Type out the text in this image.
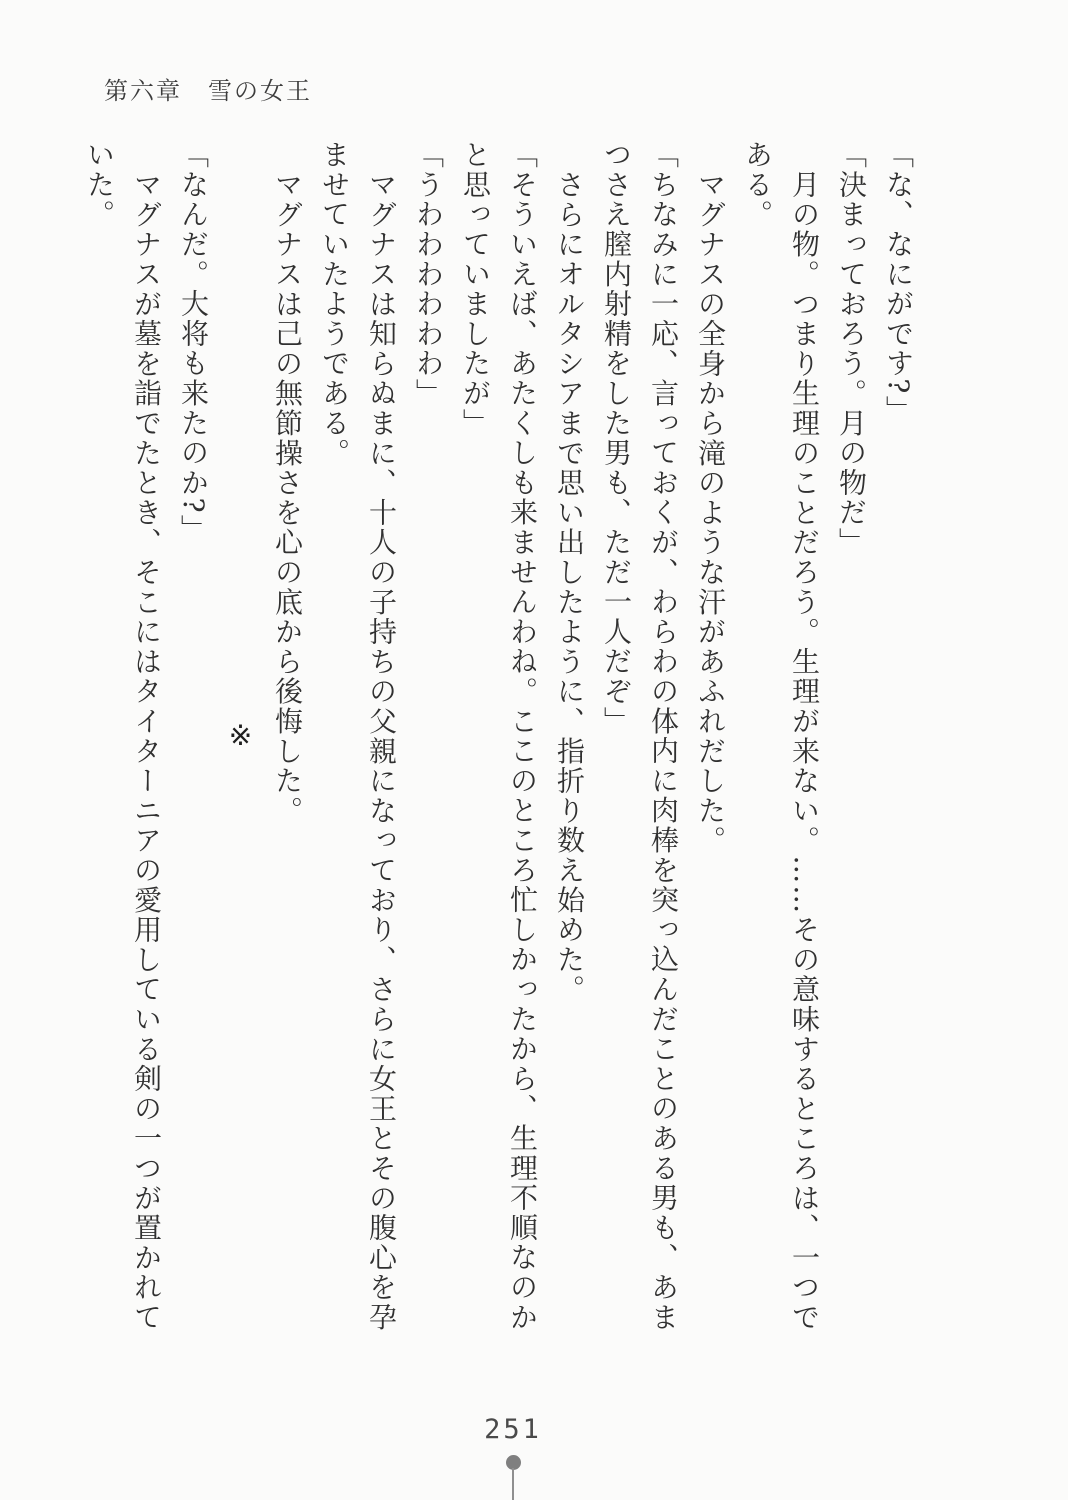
第六章 雪の女王

「な、なにがです?」

「決まっておろう。月の物だ」

月の物。つまり生理のことだろう。生理が来ない。……その意味するところは、一つで

ある。

マグナスの全身から滝のような汗があふれだした。

「ちなみに一応、言っておくが、わらわの体内に肉棒を突っ込んだことのある男も、あま

つさえ膣内射精をした男も、ただ一人だぞ」

さらにオルタシアまで思い出したように、指折り数え始めた。

「そういえば、あたくしも来ませんわね。ここのところ忙しかったから、生理不順なのか

と思っていましたが」

「うわわわわわわ」

マグナスは知らぬまに、十人の子持ちの父親になっており、さらに女王とその腹心を孕

ませていたようである。

マグナスは己の無節操さを心の底から後悔した。

※

「なんだ。大将も来たのか?」

マグナスが墓を詣でたとき、そこにはタイターニアの愛用している剣の一つが置かれて

いた。

251
